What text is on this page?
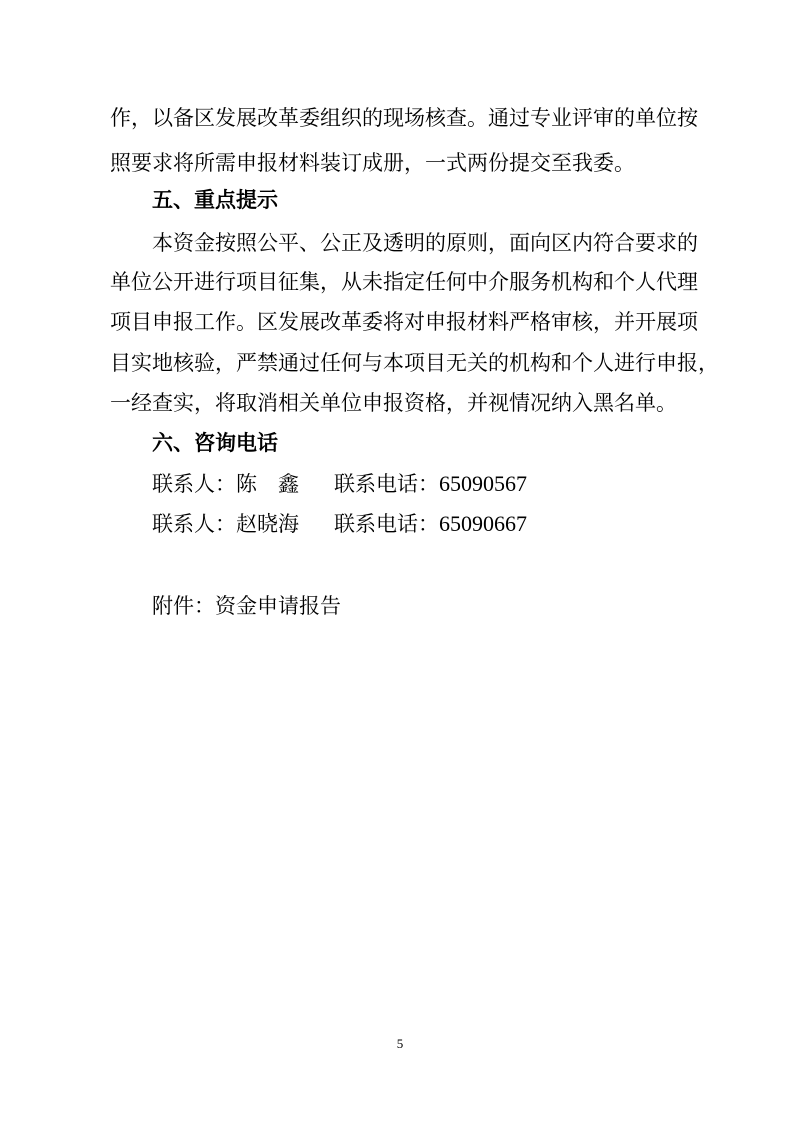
作，以备区发展改革委组织的现场核查。通过专业评审的单位按
照要求将所需申报材料装订成册，一式两份提交至我委。
五、重点提示
本资金按照公平、公正及透明的原则，面向区内符合要求的
单位公开进行项目征集，从未指定任何中介服务机构和个人代理
项目申报工作。区发展改革委将对申报材料严格审核，并开展项
目实地核验，严禁通过任何与本项目无关的机构和个人进行申报，
一经查实，将取消相关单位申报资格，并视情况纳入黑名单。
六、咨询电话
联系人：陈　鑫 联系电话：65090567
联系人：赵晓海 联系电话：65090667
附件：资金申请报告
5
